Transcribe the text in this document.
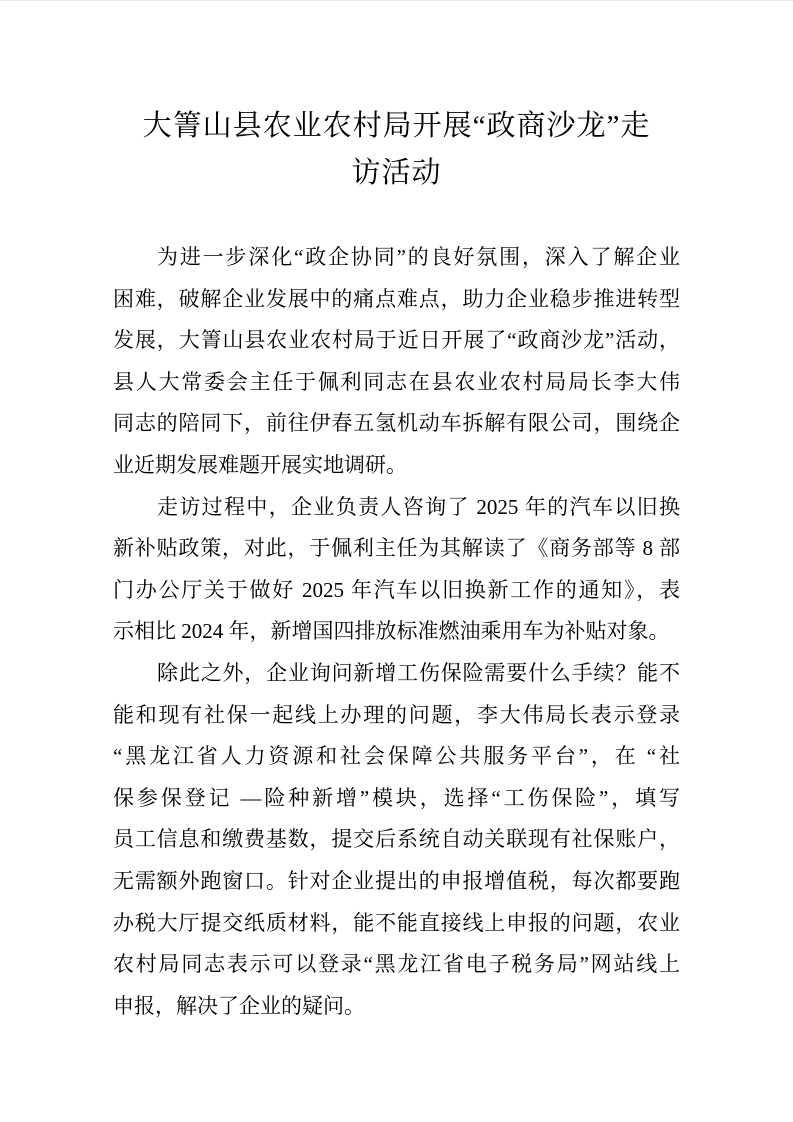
大箐山县农业农村局开展“政商沙龙”走
访活动
为进一步深化“政企协同”的良好氛围，深入了解企业
困难，破解企业发展中的痛点难点，助力企业稳步推进转型
发展，大箐山县农业农村局于近日开展了“政商沙龙”活动，
县人大常委会主任于佩利同志在县农业农村局局长李大伟
同志的陪同下，前往伊春五氢机动车拆解有限公司，围绕企
业近期发展难题开展实地调研。
走访过程中，企业负责人咨询了 2025 年的汽车以旧换
新补贴政策，对此，于佩利主任为其解读了《商务部等 8 部
门办公厅关于做好 2025 年汽车以旧换新工作的通知》，表
示相比 2024 年，新增国四排放标准燃油乘用车为补贴对象。
除此之外，企业询问新增工伤保险需要什么手续？能不
能和现有社保一起线上办理的问题，李大伟局长表示登录
“黑龙江省人力资源和社会保障公共服务平台”，在 “社
保参保登记 —险种新增”模块，选择“工伤保险”，填写
员工信息和缴费基数，提交后系统自动关联现有社保账户，
无需额外跑窗口。针对企业提出的申报增值税，每次都要跑
办税大厅提交纸质材料，能不能直接线上申报的问题，农业
农村局同志表示可以登录“黑龙江省电子税务局”网站线上
申报，解决了企业的疑问。
